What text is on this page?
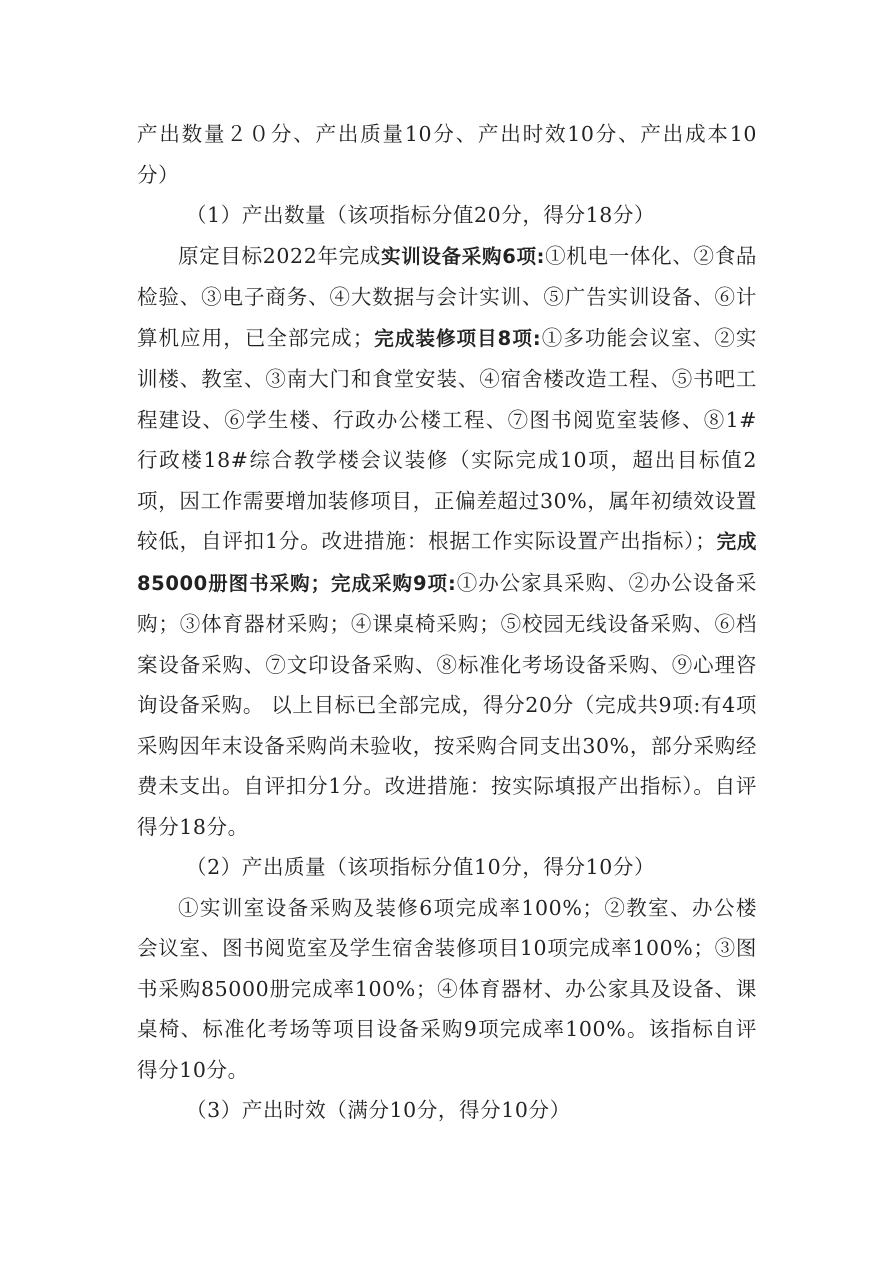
产出数量２０分、产出质量10分、产出时效10分、产出成本10分）

（1）产出数量（该项指标分值20分，得分18分）

原定目标2022年完成实训设备采购6项:①机电一体化、②食品检验、③电子商务、④大数据与会计实训、⑤广告实训设备、⑥计算机应用，已全部完成；完成装修项目8项:①多功能会议室、②实训楼、教室、③南大门和食堂安装、④宿舍楼改造工程、⑤书吧工程建设、⑥学生楼、行政办公楼工程、⑦图书阅览室装修、⑧1#行政楼18#综合教学楼会议装修（实际完成10项，超出目标值2项，因工作需要增加装修项目，正偏差超过30%，属年初绩效设置较低，自评扣1分。改进措施：根据工作实际设置产出指标）；完成85000册图书采购；完成采购9项:①办公家具采购、②办公设备采购；③体育器材采购；④课桌椅采购；⑤校园无线设备采购、⑥档案设备采购、⑦文印设备采购、⑧标准化考场设备采购、⑨心理咨询设备采购。 以上目标已全部完成，得分20分（完成共9项:有4项采购因年末设备采购尚未验收，按采购合同支出30%，部分采购经费未支出。自评扣分1分。改进措施：按实际填报产出指标）。自评得分18分。

（2）产出质量（该项指标分值10分，得分10分）

①实训室设备采购及装修6项完成率100%；②教室、办公楼会议室、图书阅览室及学生宿舍装修项目10项完成率100%；③图书采购85000册完成率100%；④体育器材、办公家具及设备、课桌椅、标准化考场等项目设备采购9项完成率100%。该指标自评得分10分。

（3）产出时效（满分10分，得分10分）
